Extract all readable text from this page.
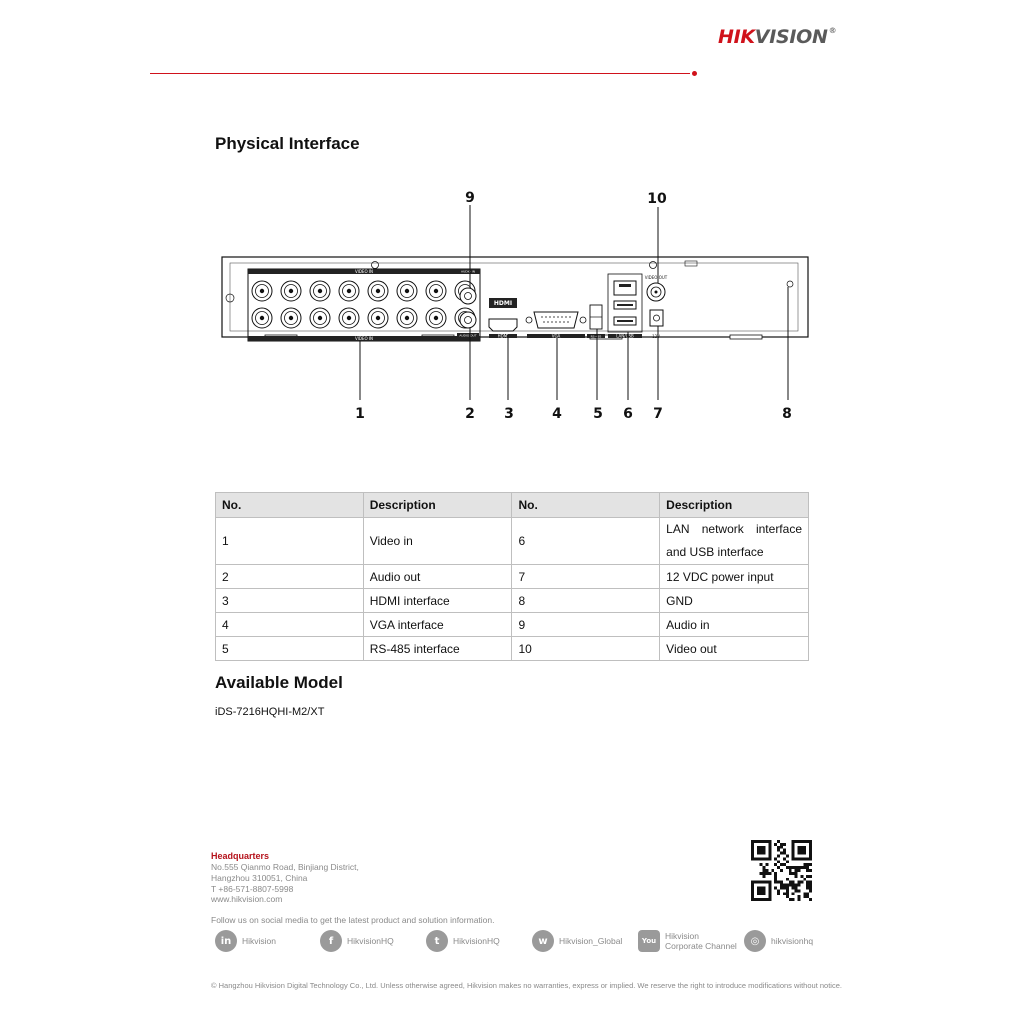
HIKVISION®
Physical Interface
VIDEO IN
VIDEO IN
AUDIO IN
AUDIO OUT
HDMI
HDMI	VGA	RS-485	LAN/USB
VIDEO OUT
12V
1	2 3	4 5 6 7	8
9	10
No.	Description	No.	Description
1	Video in	6	LAN network interface
and USB interface

2	Audio out	7	12 VDC power input
3	HDMI interface	8	GND
4	VGA interface	9	Audio in
5	RS-485 interface	10	Video out
Available Model
iDS-7216HQHI-M2/XT
Headquarters
No.555 Qianmo Road, Binjiang District,
Hangzhou 310051, China
T +86-571-8807-5998
www.hikvision.com
Follow us on social media to get the latest product and solution information.
in	Hikvision	f	HikvisionHQ	t	HikvisionHQ	w	Hikvision_Global	You	Hikvision
Corporate Channel	◎	hikvisionhq
© Hangzhou Hikvision Digital Technology Co., Ltd. Unless otherwise agreed, Hikvision makes no warranties, express or implied. We reserve the right to introduce modifications without notice.
